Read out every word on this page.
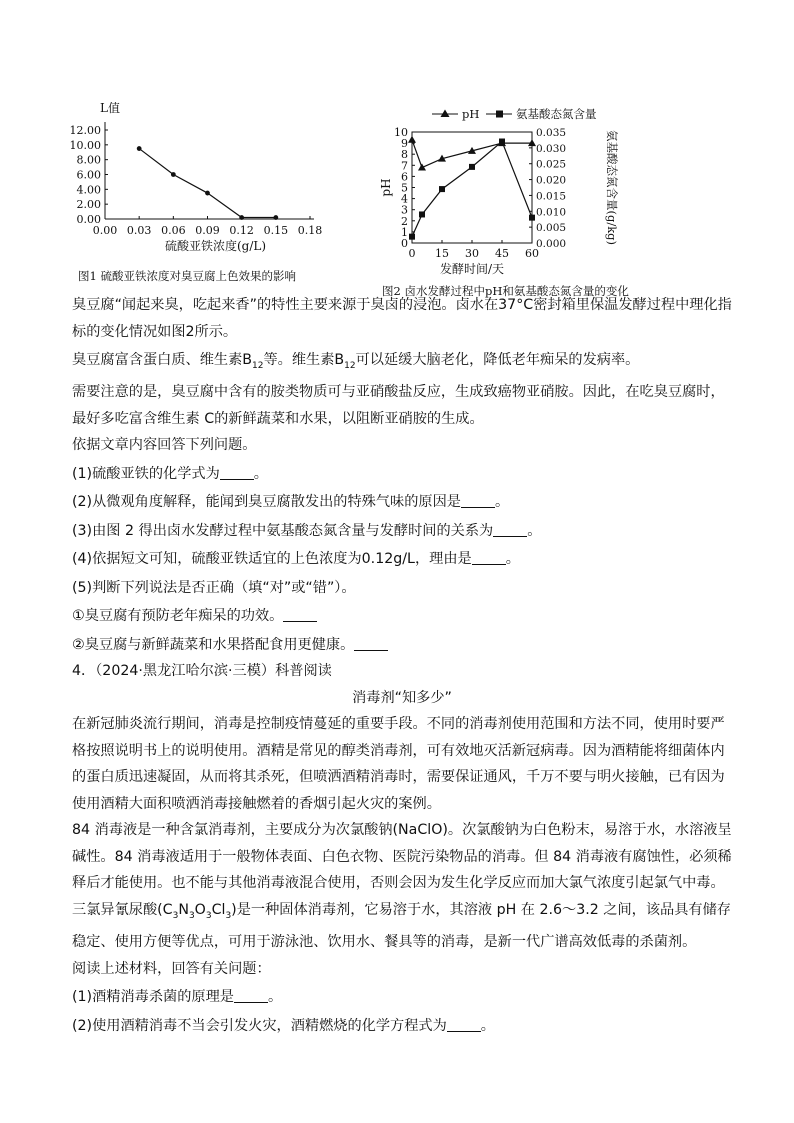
0.00
2.00
4.00
6.00
8.00
10.00
12.00
0.00 0.03 0.06 0.09 0.12 0.15 0.18
L值
硫酸亚铁浓度(g/L)
图1 硫酸亚铁浓度对臭豆腐上色效果的影响
0
1
2
3
4
5
6
7
8
9
10
0.000
0.005
0.010
0.015
0.020
0.025
0.030
0.035
0 15 30 45 60
发酵时间/天
pH	氨基酸态氮含量(g/kg)
pH	氨基酸态氮含量
图2 卤水发酵过程中pH和氨基酸态氮含量的变化

臭豆腐“闻起来臭，吃起来香”的特性主要来源于臭卤的浸泡。卤水在37°C密封箱里保温发酵过程中理化指标的变化情况如图2所示。

臭豆腐富含蛋白质、维生素$B_{12}$等。维生素$B_{12}$可以延缓大脑老化，降低老年痴呆的发病率。

需要注意的是，臭豆腐中含有的胺类物质可与亚硝酸盐反应，生成致癌物亚硝胺。因此，在吃臭豆腐时，最好多吃富含维生素 C的新鲜蔬菜和水果，以阻断亚硝胺的生成。

依据文章内容回答下列问题。

(1)硫酸亚铁的化学式为 。

(2)从微观角度解释，能闻到臭豆腐散发出的特殊气味的原因是 。

(3)由图 2 得出卤水发酵过程中氨基酸态氮含量与发酵时间的关系为 。

(4)依据短文可知，硫酸亚铁适宜的上色浓度为0.12g/L，理由是 。

(5)判断下列说法是否正确（填“对”或“错”）。

①臭豆腐有预防老年痴呆的功效。

②臭豆腐与新鲜蔬菜和水果搭配食用更健康。

4．（2024·黑龙江哈尔滨·三模）科普阅读

消毒剂“知多少”

在新冠肺炎流行期间，消毒是控制疫情蔓延的重要手段。不同的消毒剂使用范围和方法不同，使用时要严格按照说明书上的说明使用。酒精是常见的醇类消毒剂，可有效地灭活新冠病毒。因为酒精能将细菌体内的蛋白质迅速凝固，从而将其杀死，但喷洒酒精消毒时，需要保证通风，千万不要与明火接触，已有因为使用酒精大面积喷洒消毒接触燃着的香烟引起火灾的案例。

84 消毒液是一种含氯消毒剂，主要成分为次氯酸钠(NaClO)。次氯酸钠为白色粉末，易溶于水，水溶液呈碱性。84 消毒液适用于一般物体表面、白色衣物、医院污染物品的消毒。但 84 消毒液有腐蚀性，必须稀释后才能使用。也不能与其他消毒液混合使用，否则会因为发生化学反应而加大氯气浓度引起氯气中毒。三氯异氰尿酸$(C_3N_3O_3Cl_3)$是一种固体消毒剂，它易溶于水，其溶液 pH 在 2.6～3.2 之间，该品具有储存稳定、使用方便等优点，可用于游泳池、饮用水、餐具等的消毒，是新一代广谱高效低毒的杀菌剂。

阅读上述材料，回答有关问题：

(1)酒精消毒杀菌的原理是 。

(2)使用酒精消毒不当会引发火灾，酒精燃烧的化学方程式为 。
